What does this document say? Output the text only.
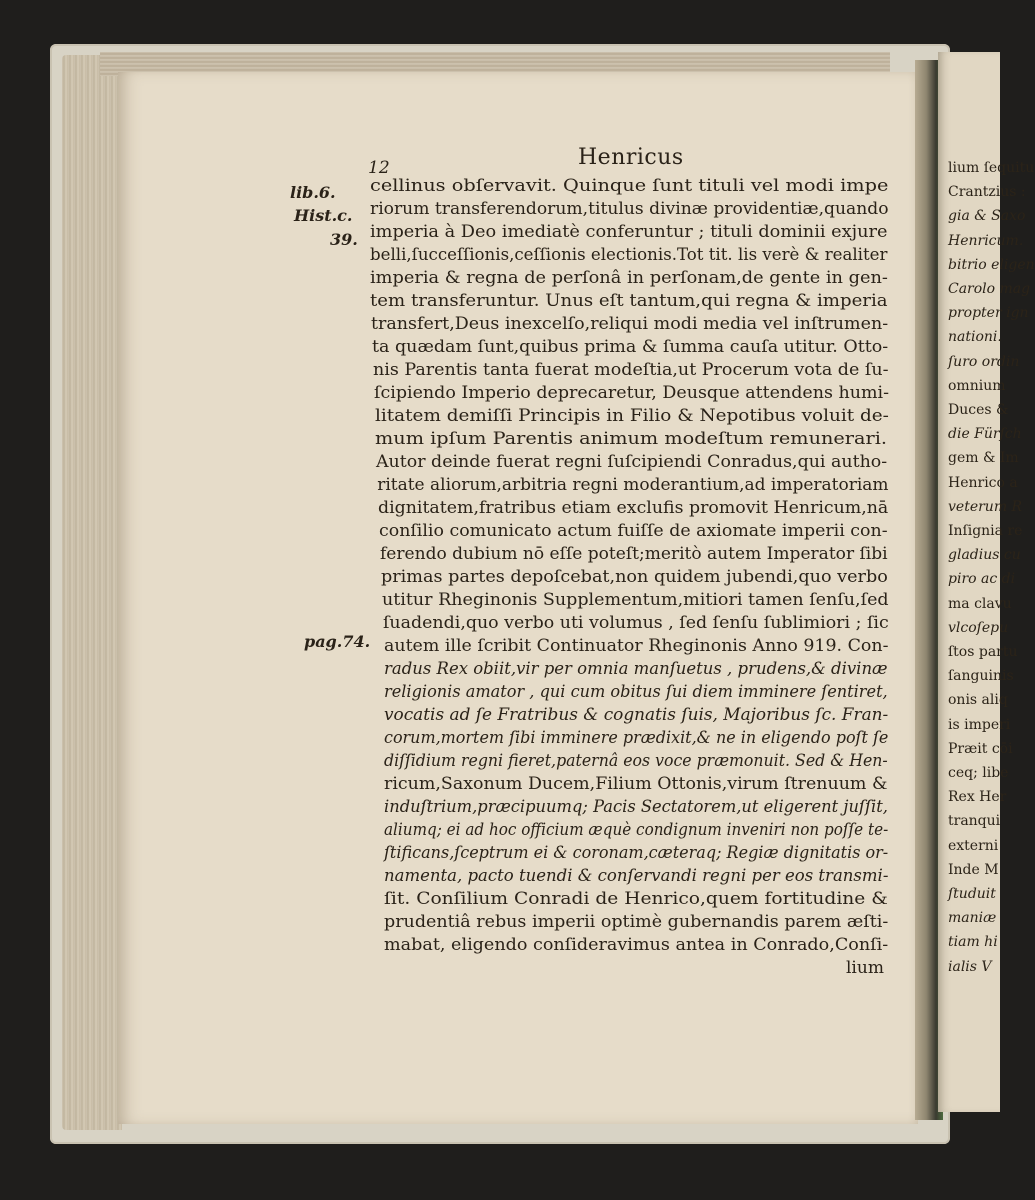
lium ſequitu
Crantzius :
gia & Saxo
Henricum.
bitrio eligen
Carolo mag
propter ign
nationi.
ſuro ordin
omnium
Duces &
die Fürſch
gem & Im
Henrico a
veterum R
Inſignia re
gladius cu
piro ac di
ma clavu
vlcoſepu
ſtos partu
ſanguinis
onis aliq
is imperi
Præit cōi
ceq; libe
Rex Her
tranqui
externi
Inde M
ſtuduit
maniæ
tiam hi
ialis V
12	Henricus
lib.6.
Hist.c.
39.
pag.74.
cellinus obſervavit. Quinque ſunt tituli vel modi impe
riorum transferendorum,titulus divinæ providentiæ,quando
imperia à Deo imediatè conferuntur ; tituli dominii exjure
belli,ſucceſſionis,ceſſionis electionis.Tot tit. lis verè & realiter
imperia & regna de perſonâ in perſonam,de gente in gen-
tem transferuntur. Unus eſt tantum,qui regna & imperia
transfert,Deus inexcelſo,reliqui modi media vel inſtrumen-
ta quædam ſunt,quibus prima & ſumma cauſa utitur. Otto-
nis Parentis tanta fuerat modeſtia,ut Procerum vota de ſu-
ſcipiendo Imperio deprecaretur, Deusque attendens humi-
litatem demiſſi Principis in Filio & Nepotibus voluit de-
mum ipſum Parentis animum modeſtum remunerari.
Autor deinde fuerat regni ſuſcipiendi Conradus,qui autho-
ritate aliorum,arbitria regni moderantium,ad imperatoriam
dignitatem,fratribus etiam exclufis promovit Henricum,nā
conſilio comunicato actum fuiſſe de axiomate imperii con-
ferendo dubium nō eſſe poteſt;meritò autem Imperator ſibi
primas partes depoſcebat,non quidem jubendi,quo verbo
utitur Rheginonis Supplementum,mitiori tamen ſenſu,ſed
ſuadendi,quo verbo uti volumus , ſed ſenſu ſublimiori ; ſic
autem ille ſcribit Continuator Rheginonis Anno 919. Con-
radus Rex obiit,vir per omnia manſuetus , prudens,& divinæ
religionis amator , qui cum obitus ſui diem imminere ſentiret,
vocatis ad ſe Fratribus & cognatis ſuis, Majoribus ſc. Fran-
corum,mortem ſibi imminere prædixit,& ne in eligendo poſt ſe
diſſidium regni fieret,paternâ eos voce præmonuit. Sed & Hen-
ricum,Saxonum Ducem,Filium Ottonis,virum ſtrenuum &
induſtrium,præcipuumq; Pacis Sectatorem,ut eligerent juſſit,
aliumq; ei ad hoc officium æquè condignum inveniri non poſſe te-
ſtificans,ſceptrum ei & coronam,cæteraq; Regiæ dignitatis or-
namenta, pacto tuendi & conſervandi regni per eos transmi-
ſit. Conſilium Conradi de Henrico,quem fortitudine &
prudentiâ rebus imperii optimè gubernandis parem æſti-
mabat, eligendo conſideravimus antea in Conrado,Conſi-
lium
